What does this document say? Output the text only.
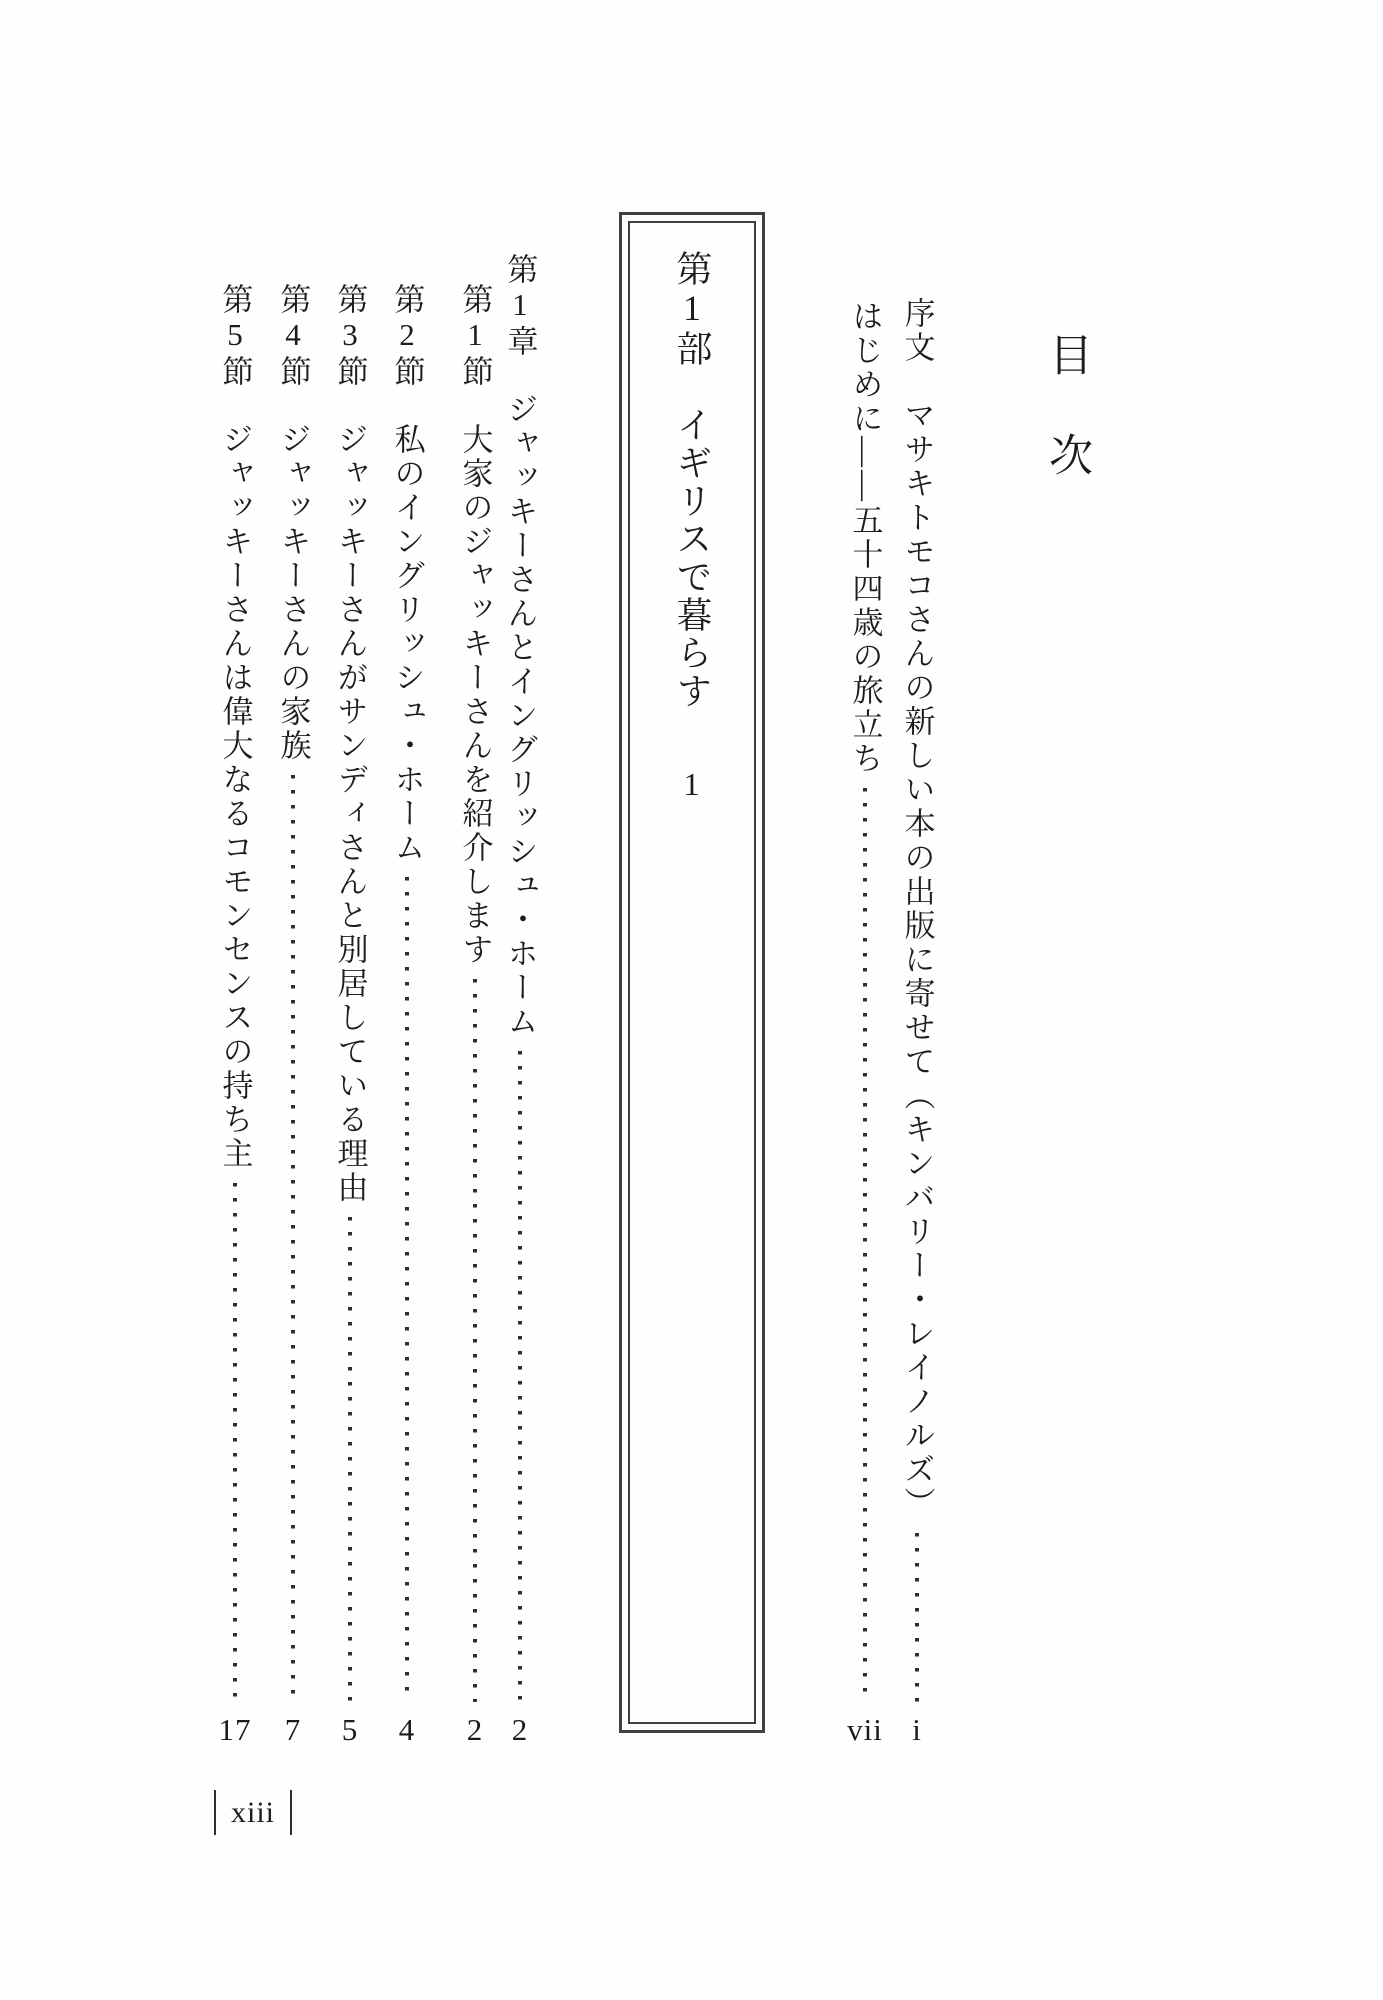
目　次
序文
　マサキトモコさんの新しい本の出版に寄せて（キンバリー・レイノルズ）
i
はじめに
——五十四歳の旅立ち
vii
第1部
　イギリスで暮らす
1
第1章
　ジャッキーさんとイングリッシュ・ホーム
2
第1節
　大家のジャッキーさんを紹介します
2
第2節
　私のイングリッシュ・ホーム
4
第3節
　ジャッキーさんがサンディさんと別居している理由
5
第4節
　ジャッキーさんの家族
7
第5節
　ジャッキーさんは偉大なるコモンセンスの持ち主
17
xiii
